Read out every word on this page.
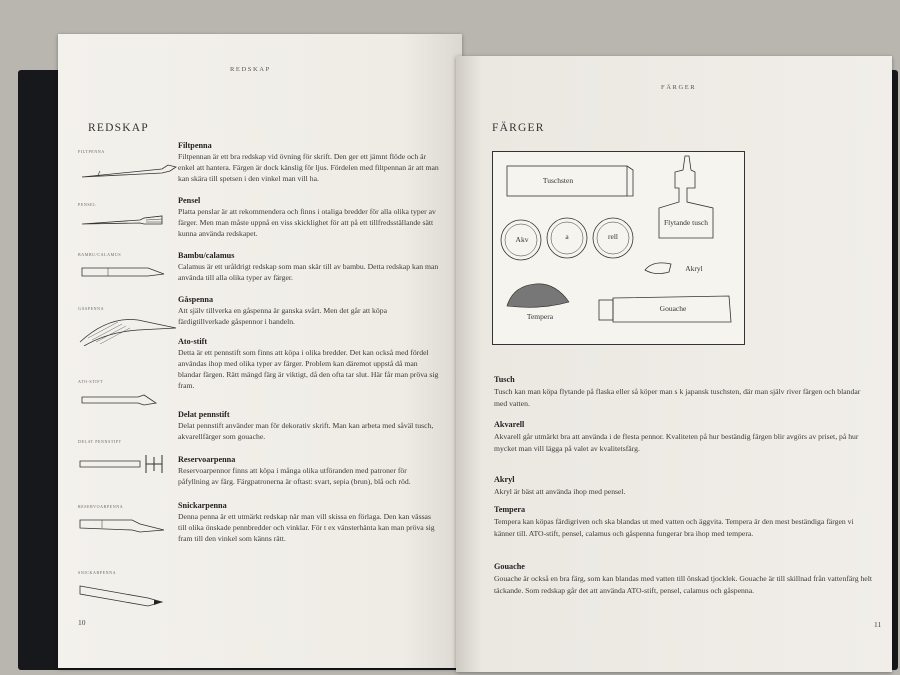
REDSKAP
REDSKAP
FILTPENNA
PENSEL
BAMBU/CALAMUS
GÅSPENNA
ATO-STIFT
DELAT PENNSTIFT
RESERVOARPENNA
SNICKARPENNA
Filtpenna
Filtpennan är ett bra redskap vid övning för skrift. Den ger ett jämnt flöde och är enkel att hantera. Färgen är dock känslig för ljus. Fördelen med filtpennan är att man kan skära till spetsen i den vinkel man vill ha.
Pensel
Platta penslar är att rekommendera och finns i otaliga bredder för alla olika typer av färger. Men man måste uppnå en viss skicklighet för att på ett tillfredsställande sätt kunna använda redskapet.
Bambu/calamus
Calamus är ett uråldrigt redskap som man skär till av bambu. Detta redskap kan man använda till alla olika typer av färger.
Gåspenna
Att själv tillverka en gåspenna är ganska svårt. Men det går att köpa färdigtillverkade gåspennor i handeln.
Ato-stift
Detta är ett pennstift som finns att köpa i olika bredder. Det kan också med fördel användas ihop med olika typer av färger. Problem kan däremot uppstå då man blandar färgen. Rätt mängd färg är viktigt, då den ofta tar slut. Här får man pröva sig fram.
Delat pennstift
Delat pennstift använder man för dekorativ skrift. Man kan arbeta med såväl tusch, akvarellfärger som gouache.
Reservoarpenna
Reservoarpennor finns att köpa i många olika utföranden med patroner för påfyllning av färg. Färgpatronerna är oftast: svart, sepia (brun), blå och röd.
Snickarpenna
Denna penna är ett utmärkt redskap när man vill skissa en förlaga. Den kan vässas till olika önskade pennbredder och vinklar. För t ex vänsterhänta kan man pröva sig fram till den vinkel som känns rätt.
10
FÄRGER
FÄRGER
Tuschsten
Akv	a	rell
Flytande tusch
Akryl
Tempera
Gouache
Tusch
Tusch kan man köpa flytande på flaska eller så köper man s k japansk tuschsten, där man själv river färgen och blandar med vatten.
Akvarell
Akvarell går utmärkt bra att använda i de flesta pennor. Kvaliteten på hur beständig färgen blir avgörs av priset, på hur mycket man vill lägga på valet av kvalitetsfärg.
Akryl
Akryl är bäst att använda ihop med pensel.
Tempera
Tempera kan köpas färdigriven och ska blandas ut med vatten och äggvita. Tempera är den mest beständiga färgen vi känner till. ATO-stift, pensel, calamus och gåspenna fungerar bra ihop med tempera.
Gouache
Gouache är också en bra färg, som kan blandas med vatten till önskad tjocklek. Gouache är till skillnad från vattenfärg helt täckande. Som redskap går det att använda ATO-stift, pensel, calamus och gåspenna.
11
